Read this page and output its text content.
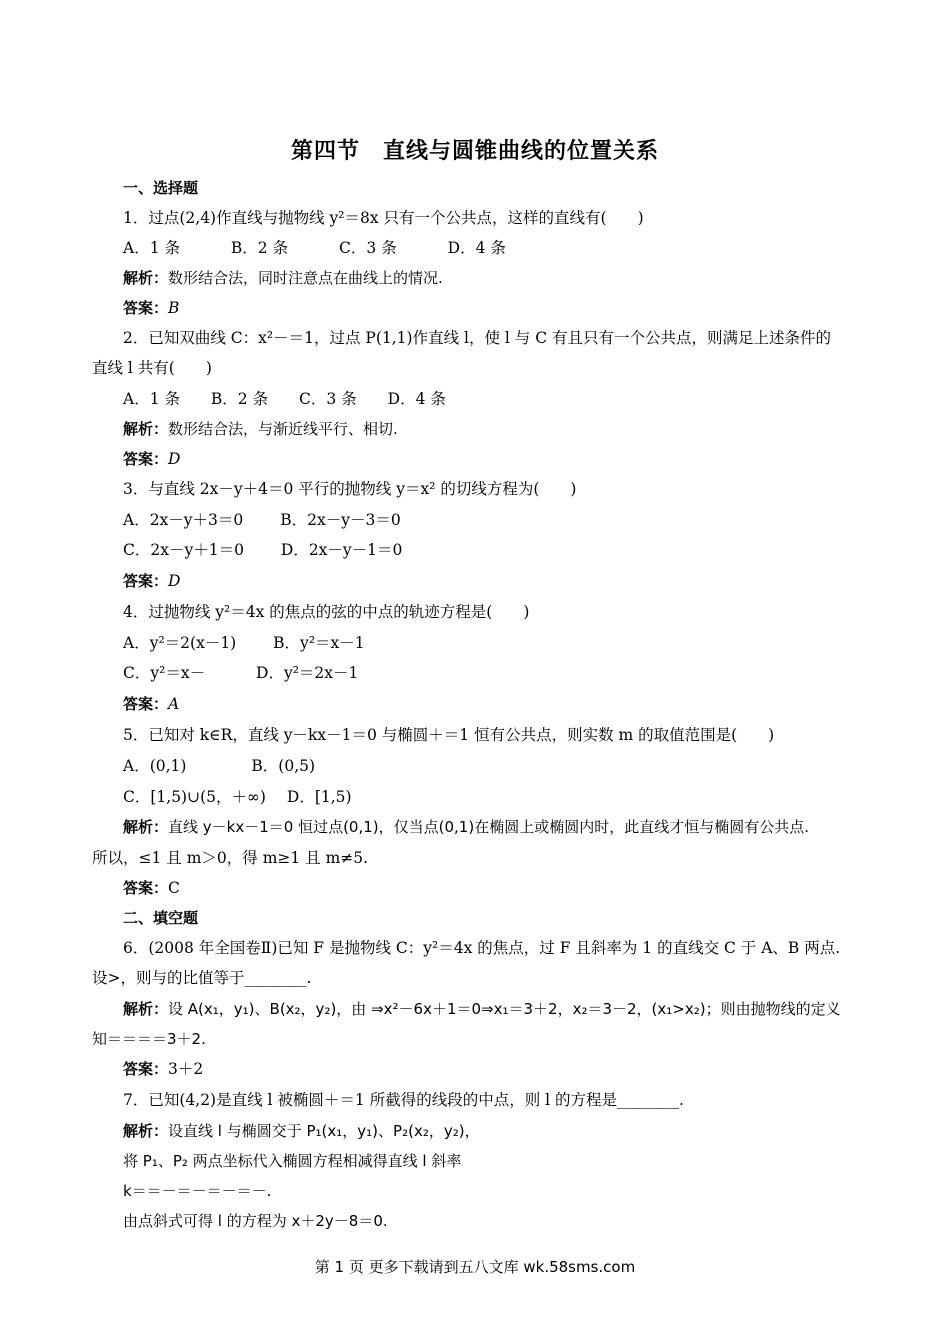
第四节　直线与圆锥曲线的位置关系
一、选择题
1．过点(2,4)作直线与抛物线 y²＝8x 只有一个公共点，这样的直线有(　　)
A．1 条	B．2 条	C．3 条	D．4 条
解析：数形结合法，同时注意点在曲线上的情况.
答案：B
2．已知双曲线 C：x²－＝1，过点 P(1,1)作直线 l，使 l 与 C 有且只有一个公共点，则满足上述条件的
直线 l 共有(　　)
A．1 条 B．2 条 C．3 条 D．4 条
解析：数形结合法，与渐近线平行、相切.
答案：D
3．与直线 2x－y＋4＝0 平行的抛物线 y＝x² 的切线方程为(　　)
A．2x－y＋3＝0 B．2x－y－3＝0
C．2x－y＋1＝0 D．2x－y－1＝0
答案：D
4．过抛物线 y²＝4x 的焦点的弦的中点的轨迹方程是(　　)
A．y²＝2(x－1) B．y²＝x－1
C．y²＝x－	D．y²＝2x－1
答案：A
5．已知对 k∈R，直线 y－kx－1＝0 与椭圆＋＝1 恒有公共点，则实数 m 的取值范围是(　　)
A．(0,1)	B．(0,5)
C．[1,5)∪(5，＋∞) D．[1,5)
解析：直线 y－kx－1＝0 恒过点(0,1)，仅当点(0,1)在椭圆上或椭圆内时，此直线才恒与椭圆有公共点.
所以，≤1 且 m＞0，得 m≥1 且 m≠5.
答案：C
二、填空题
6．(2008 年全国卷Ⅱ)已知 F 是抛物线 C：y²＝4x 的焦点，过 F 且斜率为 1 的直线交 C 于 A、B 两点.
设>，则与的比值等于________.
解析：设 A(x₁，y₁)、B(x₂，y₂)，由 ⇒x²－6x＋1＝0⇒x₁＝3＋2，x₂＝3－2，(x₁>x₂)；则由抛物线的定义
知＝＝＝＝3＋2.
答案：3＋2
7．已知(4,2)是直线 l 被椭圆＋＝1 所截得的线段的中点，则 l 的方程是________.
解析：设直线 l 与椭圆交于 P₁(x₁，y₁)、P₂(x₂，y₂)，
将 P₁、P₂ 两点坐标代入椭圆方程相减得直线 l 斜率
k＝＝－＝－＝－＝－.
由点斜式可得 l 的方程为 x＋2y－8＝0.
第 1 页 更多下载请到五八文库 wk.58sms.com
